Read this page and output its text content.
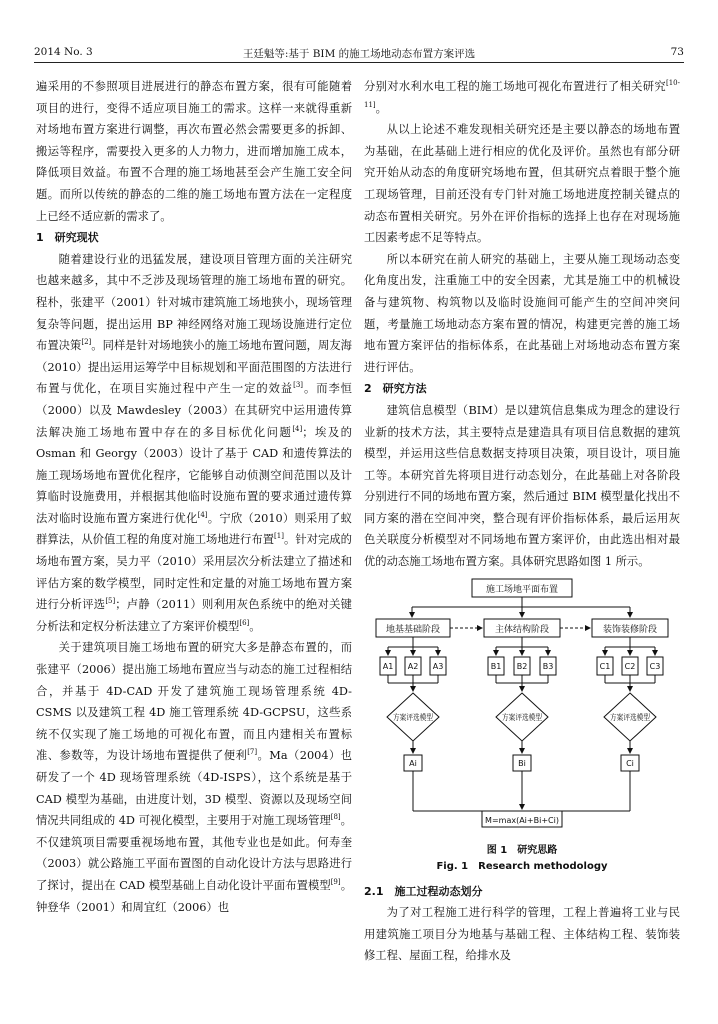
2014 No. 3	王廷魁等:基于 BIM 的施工场地动态布置方案评选	73

遍采用的不参照项目进展进行的静态布置方案，很有可能随着项目的进行，变得不适应项目施工的需求。这样一来就得重新对场地布置方案进行调整，再次布置必然会需要更多的拆卸、搬运等程序，需要投入更多的人力物力，进而增加施工成本，降低项目效益。布置不合理的施工场地甚至会产生施工安全问题。而所以传统的静态的二维的施工场地布置方法在一定程度上已经不适应新的需求了。

1　研究现状

随着建设行业的迅猛发展，建设项目管理方面的关注研究也越来越多，其中不乏涉及现场管理的施工场地布置的研究。程朴，张建平（2001）针对城市建筑施工场地狭小，现场管理复杂等问题，提出运用 BP 神经网络对施工现场设施进行定位布置决策[2]。同样是针对场地狭小的施工场地布置问题，周友海（2010）提出运用运筹学中目标规划和平面范围图的方法进行布置与优化，在项目实施过程中产生一定的效益[3]。而李恒（2000）以及 Mawdesley（2003）在其研究中运用遗传算法解决施工场地布置中存在的多目标优化问题[4]；埃及的 Osman 和 Georgy（2003）设计了基于 CAD 和遗传算法的施工现场场地布置优化程序，它能够自动侦测空间范围以及计算临时设施费用，并根据其他临时设施布置的要求通过遗传算法对临时设施布置方案进行优化[4]。宁欣（2010）则采用了蚁群算法，从价值工程的角度对施工场地进行布置[1]。针对完成的场地布置方案，吴力平（2010）采用层次分析法建立了描述和评估方案的数学模型，同时定性和定量的对施工场地布置方案进行分析评选[5]；卢静（2011）则利用灰色系统中的绝对关键分析法和定权分析法建立了方案评价模型[6]。

关于建筑项目施工场地布置的研究大多是静态布置的，而张建平（2006）提出施工场地布置应当与动态的施工过程相结合，并基于 4D-CAD 开发了建筑施工现场管理系统 4D-CSMS 以及建筑工程 4D 施工管理系统 4D-GCPSU，这些系统不仅实现了施工场地的可视化布置，而且内建相关布置标准、参数等，为设计场地布置提供了便利[7]。Ma（2004）也研发了一个 4D 现场管理系统（4D-ISPS），这个系统是基于 CAD 模型为基础，由进度计划，3D 模型、资源以及现场空间情况共同组成的 4D 可视化模型，主要用于对施工现场管理[8]。不仅建筑项目需要重视场地布置，其他专业也是如此。何寿奎（2003）就公路施工平面布置图的自动化设计方法与思路进行了探讨，提出在 CAD 模型基础上自动化设计平面布置模型[9]。钟登华（2001）和周宜红（2006）也

分别对水利水电工程的施工场地可视化布置进行了相关研究[10-11]。

从以上论述不难发现相关研究还是主要以静态的场地布置为基础，在此基础上进行相应的优化及评价。虽然也有部分研究开始从动态的角度研究场地布置，但其研究点着眼于整个施工现场管理，目前还没有专门针对施工场地进度控制关键点的动态布置相关研究。另外在评价指标的选择上也存在对现场施工因素考虑不足等特点。

所以本研究在前人研究的基础上，主要从施工现场动态变化角度出发，注重施工中的安全因素，尤其是施工中的机械设备与建筑物、构筑物以及临时设施间可能产生的空间冲突问题，考量施工场地动态方案布置的情况，构建更完善的施工场地布置方案评估的指标体系，在此基础上对场地动态布置方案进行评估。

2　研究方法

建筑信息模型（BIM）是以建筑信息集成为理念的建设行业新的技术方法，其主要特点是建造具有项目信息数据的建筑模型，并运用这些信息数据支持项目决策，项目设计，项目施工等。本研究首先将项目进行动态划分，在此基础上对各阶段分别进行不同的场地布置方案，然后通过 BIM 模型量化找出不同方案的潜在空间冲突，整合现有评价指标体系，最后运用灰色关联度分析模型对不同场地布置方案评价，由此选出相对最优的动态施工场地布置方案。具体研究思路如图 1 所示。

施工场地平面布置
地基基础阶段	主体结构阶段	装饰装修阶段
A1 A2 A3	B1 B2 B3	C1 C2 C3
方案评选模型	方案评选模型	方案评选模型
Ai	Bi	Ci
M=max(Ai+Bi+Ci)
图 1　研究思路
Fig. 1　Research methodology

2.1　施工过程动态划分

为了对工程施工进行科学的管理，工程上普遍将工业与民用建筑施工项目分为地基与基础工程、主体结构工程、装饰装修工程、屋面工程，给排水及
